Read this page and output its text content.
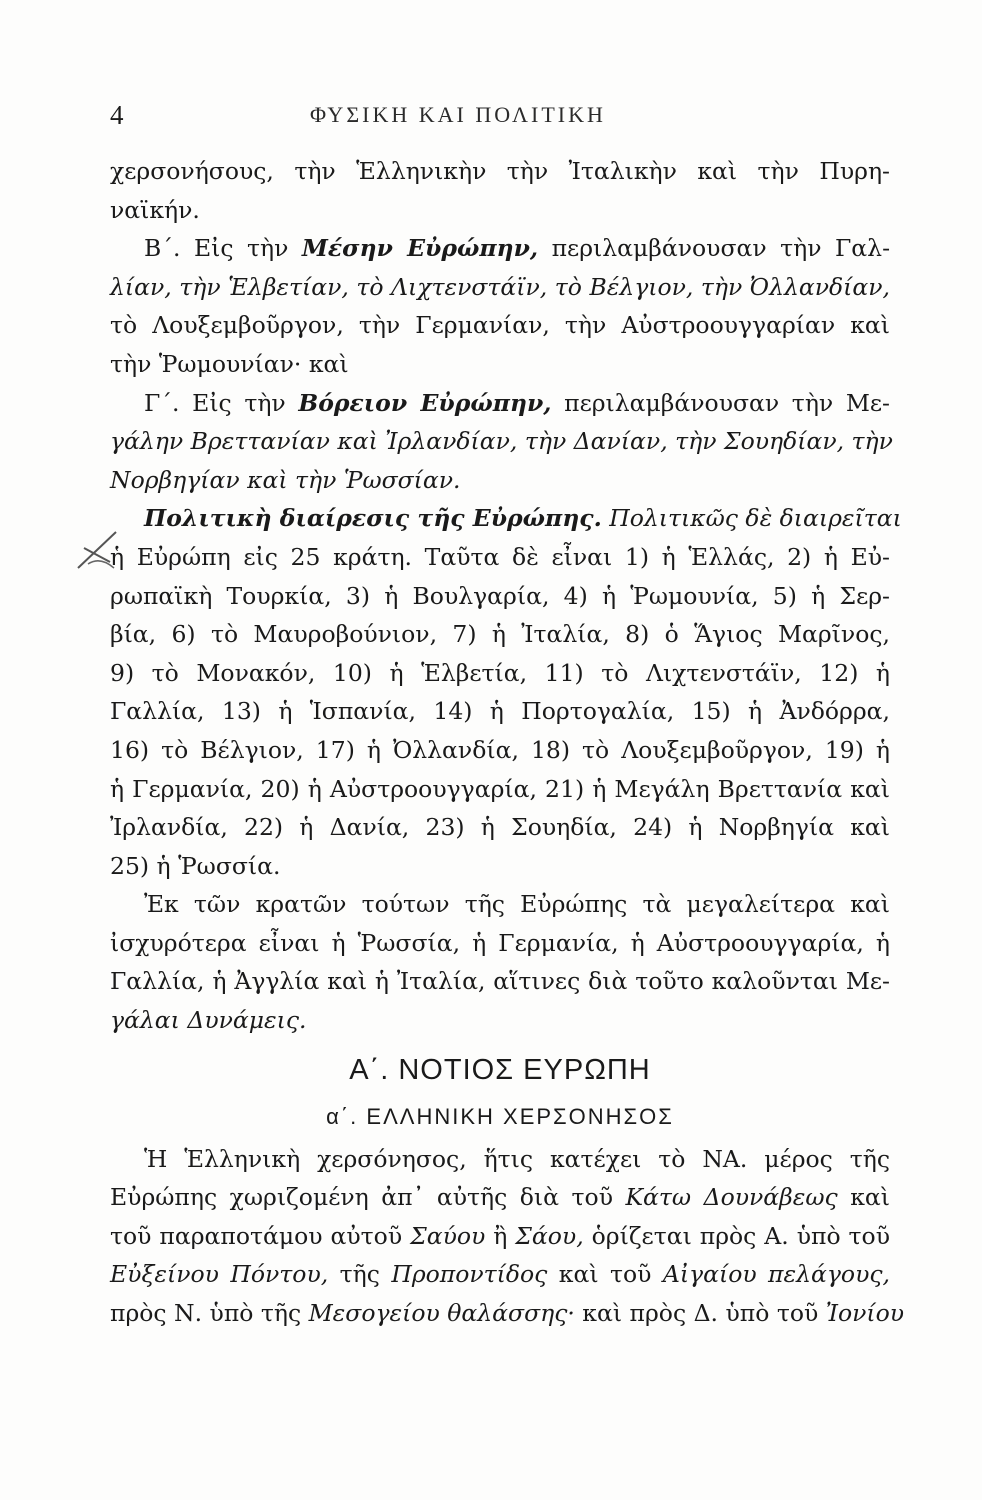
4	ΦΥΣΙΚΗ ΚΑΙ ΠΟΛΙΤΙΚΗ
χερσονήσους, τὴν Ἑλληνικὴν τὴν Ἰταλικὴν καὶ τὴν Πυρη-
ναϊκήν.
Β΄. Εἰς τὴν Μέσην Εὐρώπην, περιλαμβάνουσαν τὴν Γαλ-
λίαν, τὴν Ἑλβετίαν, τὸ Λιχτενστάϊν, τὸ Βέλγιον, τὴν Ὀλλανδίαν,
τὸ Λουξεμβοῦργον, τὴν Γερμανίαν, τὴν Αὐστροουγγαρίαν καὶ
τὴν Ῥωμουνίαν· καὶ
Γ΄. Εἰς τὴν Βόρειον Εὐρώπην, περιλαμβάνουσαν τὴν Με-
γάλην Βρεττανίαν καὶ Ἰρλανδίαν, τὴν Δανίαν, τὴν Σουηδίαν, τὴν
Νορβηγίαν καὶ τὴν Ῥωσσίαν.
Πολιτικὴ διαίρεσις τῆς Εὐρώπης. Πολιτικῶς δὲ διαιρεῖται
ἡ Εὐρώπη εἰς 25 κράτη. Ταῦτα δὲ εἶναι 1) ἡ Ἑλλάς, 2) ἡ Εὐ-
ρωπαϊκὴ Τουρκία, 3) ἡ Βουλγαρία, 4) ἡ Ῥωμουνία, 5) ἡ Σερ-
βία, 6) τὸ Μαυροβούνιον, 7) ἡ Ἰταλία, 8) ὁ Ἅγιος Μαρῖνος,
9) τὸ Μονακόν, 10) ἡ Ἑλβετία, 11) τὸ Λιχτενστάϊν, 12) ἡ
Γαλλία, 13) ἡ Ἱσπανία, 14) ἡ Πορτογαλία, 15) ἡ Ἀνδόρρα,
16) τὸ Βέλγιον, 17) ἡ Ὀλλανδία, 18) τὸ Λουξεμβοῦργον, 19) ἡ
ἡ Γερμανία, 20) ἡ Αὐστροουγγαρία, 21) ἡ Μεγάλη Βρεττανία καὶ
Ἰρλανδία, 22) ἡ Δανία, 23) ἡ Σουηδία, 24) ἡ Νορβηγία καὶ
25) ἡ Ῥωσσία.
Ἐκ τῶν κρατῶν τούτων τῆς Εὐρώπης τὰ μεγαλείτερα καὶ
ἰσχυρότερα εἶναι ἡ Ῥωσσία, ἡ Γερμανία, ἡ Αὐστροουγγαρία, ἡ
Γαλλία, ἡ Ἀγγλία καὶ ἡ Ἰταλία, αἵτινες διὰ τοῦτο καλοῦνται Με-
γάλαι Δυνάμεις.
Α΄. ΝΟΤΙΟΣ ΕΥΡΩΠΗ
α΄. ΕΛΛΗΝΙΚΗ ΧΕΡΣΟΝΗΣΟΣ
Ἡ Ἑλληνικὴ χερσόνησος, ἥτις κατέχει τὸ ΝΑ. μέρος τῆς
Εὐρώπης χωριζομένη ἀπ᾽ αὐτῆς διὰ τοῦ Κάτω Δουνάβεως καὶ
τοῦ παραποτάμου αὐτοῦ Σαύου ἢ Σάου, ὁρίζεται πρὸς Α. ὑπὸ τοῦ
Εὐξείνου Πόντου, τῆς Προποντίδος καὶ τοῦ Αἰγαίου πελάγους,
πρὸς Ν. ὑπὸ τῆς Μεσογείου θαλάσσης· καὶ πρὸς Δ. ὑπὸ τοῦ Ἰονίου
